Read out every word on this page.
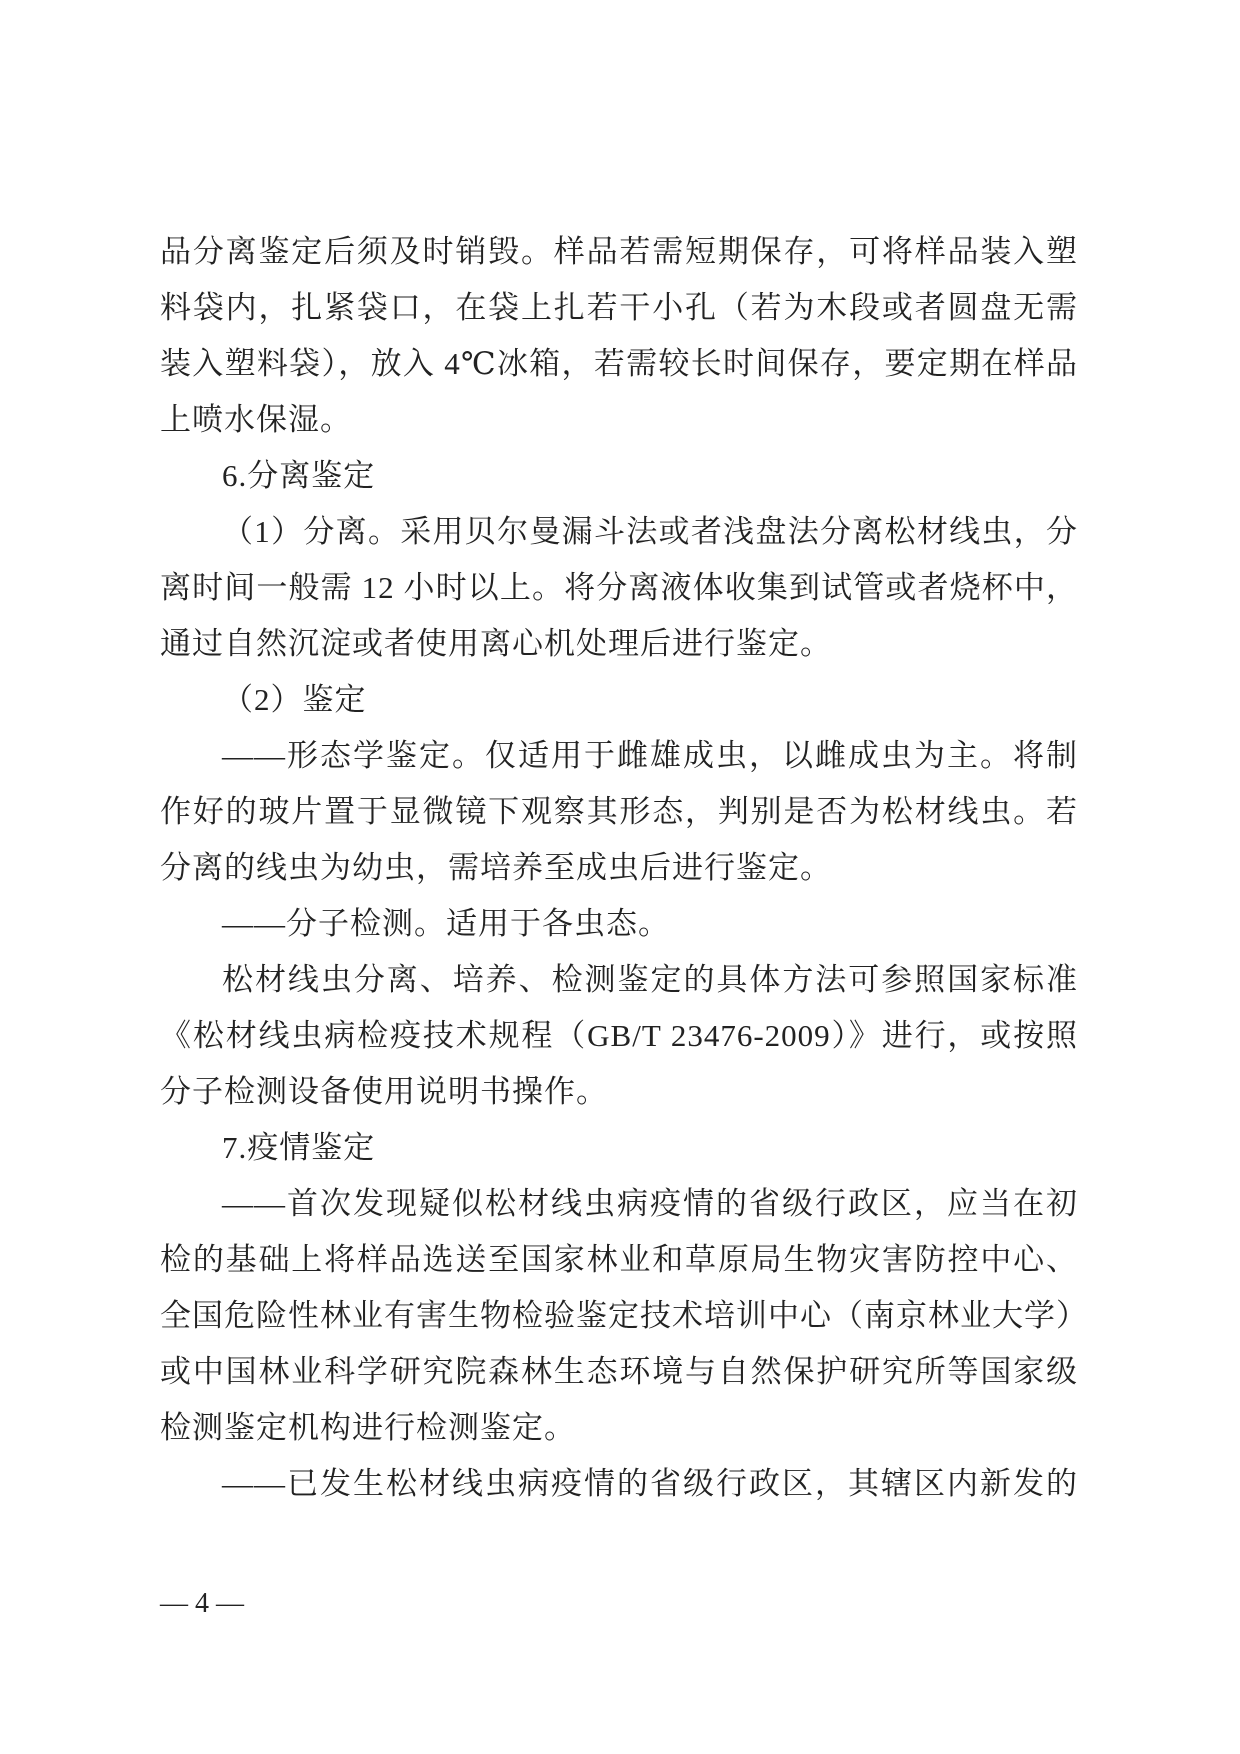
品分离鉴定后须及时销毁。样品若需短期保存，可将样品装入塑
料袋内，扎紧袋口，在袋上扎若干小孔（若为木段或者圆盘无需
装入塑料袋），放入 4℃冰箱，若需较长时间保存，要定期在样品
上喷水保湿。
6.分离鉴定
（1）分离。采用贝尔曼漏斗法或者浅盘法分离松材线虫，分
离时间一般需 12 小时以上。将分离液体收集到试管或者烧杯中，
通过自然沉淀或者使用离心机处理后进行鉴定。
（2）鉴定
——形态学鉴定。仅适用于雌雄成虫，以雌成虫为主。将制
作好的玻片置于显微镜下观察其形态，判别是否为松材线虫。若
分离的线虫为幼虫，需培养至成虫后进行鉴定。
——分子检测。适用于各虫态。
松材线虫分离、培养、检测鉴定的具体方法可参照国家标准
《松材线虫病检疫技术规程（GB/T 23476-2009）》进行，或按照
分子检测设备使用说明书操作。
7.疫情鉴定
——首次发现疑似松材线虫病疫情的省级行政区，应当在初
检的基础上将样品选送至国家林业和草原局生物灾害防控中心、
全国危险性林业有害生物检验鉴定技术培训中心（南京林业大学）
或中国林业科学研究院森林生态环境与自然保护研究所等国家级
检测鉴定机构进行检测鉴定。
——已发生松材线虫病疫情的省级行政区，其辖区内新发的
— 4 —
